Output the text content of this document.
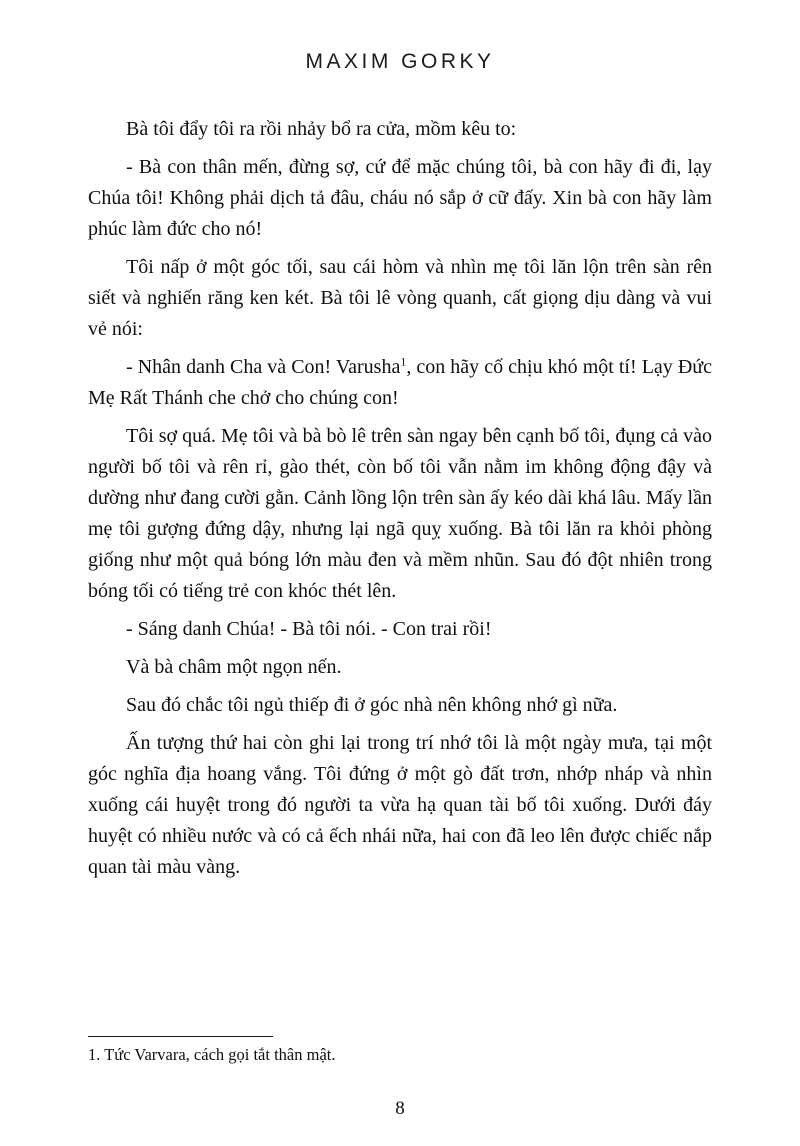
MAXIM GORKY

Bà tôi đẩy tôi ra rồi nhảy bổ ra cửa, mồm kêu to:

- Bà con thân mến, đừng sợ, cứ để mặc chúng tôi, bà con hãy đi đi, lạy Chúa tôi! Không phải dịch tả đâu, cháu nó sắp ở cữ đấy. Xin bà con hãy làm phúc làm đức cho nó!

Tôi nấp ở một góc tối, sau cái hòm và nhìn mẹ tôi lăn lộn trên sàn rên siết và nghiến răng ken két. Bà tôi lê vòng quanh, cất giọng dịu dàng và vui vẻ nói:

- Nhân danh Cha và Con! Varusha$^1$, con hãy cố chịu khó một tí! Lạy Đức Mẹ Rất Thánh che chở cho chúng con!

Tôi sợ quá. Mẹ tôi và bà bò lê trên sàn ngay bên cạnh bố tôi, đụng cả vào người bố tôi và rên rỉ, gào thét, còn bố tôi vẫn nằm im không động đậy và dường như đang cười gằn. Cảnh lồng lộn trên sàn ấy kéo dài khá lâu. Mấy lần mẹ tôi gượng đứng dậy, nhưng lại ngã quỵ xuống. Bà tôi lăn ra khỏi phòng giống như một quả bóng lớn màu đen và mềm nhũn. Sau đó đột nhiên trong bóng tối có tiếng trẻ con khóc thét lên.

- Sáng danh Chúa! - Bà tôi nói. - Con trai rồi!

Và bà châm một ngọn nến.

Sau đó chắc tôi ngủ thiếp đi ở góc nhà nên không nhớ gì nữa.

Ấn tượng thứ hai còn ghi lại trong trí nhớ tôi là một ngày mưa, tại một góc nghĩa địa hoang vắng. Tôi đứng ở một gò đất trơn, nhớp nháp và nhìn xuống cái huyệt trong đó người ta vừa hạ quan tài bố tôi xuống. Dưới đáy huyệt có nhiều nước và có cả ếch nhái nữa, hai con đã leo lên được chiếc nắp quan tài màu vàng.

1. Tức Varvara, cách gọi tắt thân mật.

8
